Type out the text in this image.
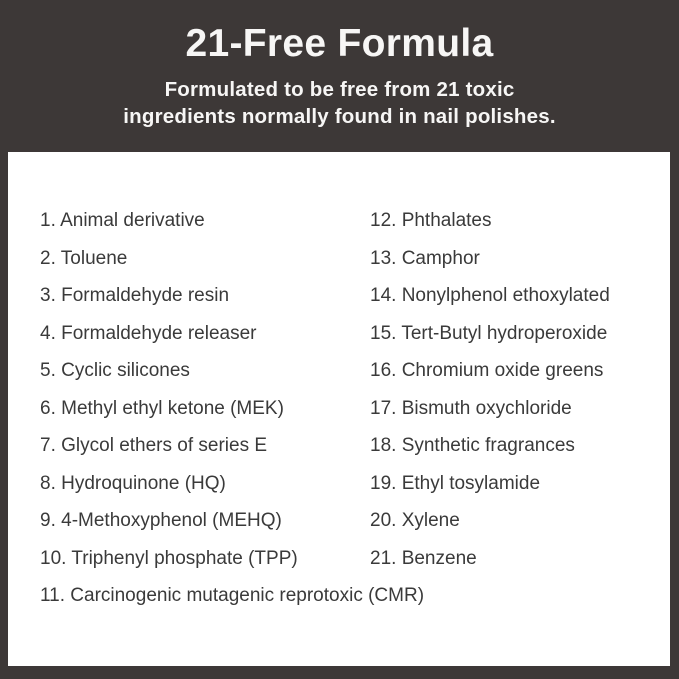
21-Free Formula

Formulated to be free from 21 toxic
ingredients normally found in nail polishes.

1. Animal derivative
2. Toluene
3. Formaldehyde resin
4. Formaldehyde releaser
5. Cyclic silicones
6. Methyl ethyl ketone (MEK)
7. Glycol ethers of series E
8. Hydroquinone (HQ)
9. 4-Methoxyphenol (MEHQ)
10. Triphenyl phosphate (TPP)
11. Carcinogenic mutagenic reprotoxic (CMR)
12. Phthalates
13. Camphor
14. Nonylphenol ethoxylated
15. Tert-Butyl hydroperoxide
16. Chromium oxide greens
17. Bismuth oxychloride
18. Synthetic fragrances
19. Ethyl tosylamide
20. Xylene
21. Benzene
